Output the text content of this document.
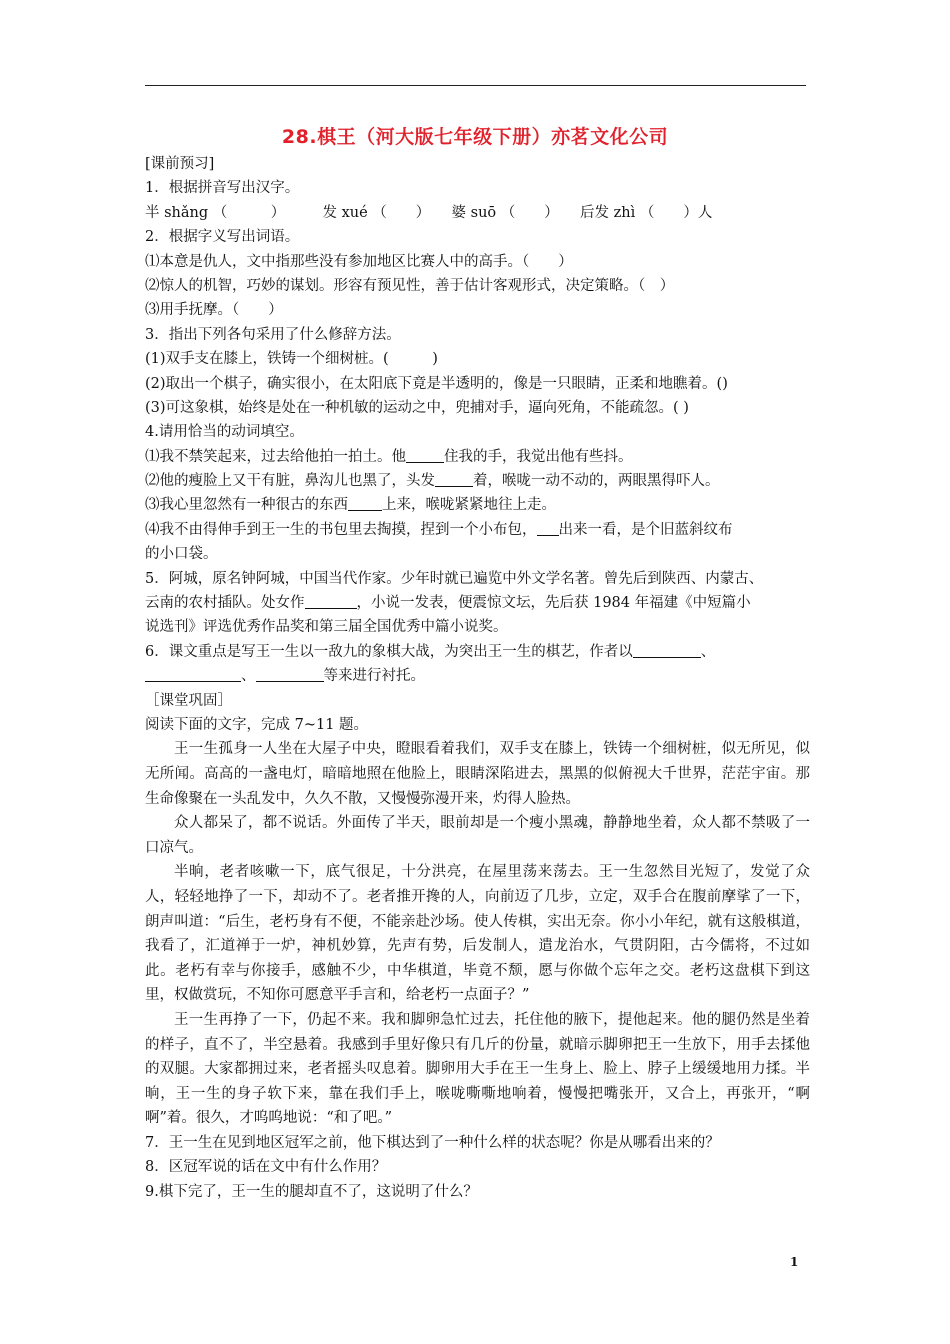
28.棋王（河大版七年级下册）亦茗文化公司
[课前预习]
1．根据拼音写出汉字。
半 shǎng （　　　）	发 xué （　　） 婆 suō （　　） 后发 zhì （　　）人
2．根据字义写出词语。
⑴本意是仇人，文中指那些没有参加地区比赛人中的高手。（　　）
⑵惊人的机智，巧妙的谋划。形容有预见性，善于估计客观形式，决定策略。（　）
⑶用手抚摩。（　　）
3．指出下列各句采用了什么修辞方法。
(1)双手支在膝上，铁铸一个细树桩。(　　　)
(2)取出一个棋子，确实很小，在太阳底下竟是半透明的，像是一只眼睛，正柔和地瞧着。()
(3)可这象棋，始终是处在一种机敏的运动之中，兜捕对手，逼向死角，不能疏忽。( )
4.请用恰当的动词填空。
⑴我不禁笑起来，过去给他拍一拍土。他	住我的手，我觉出他有些抖。
⑵他的瘦脸上又干有脏，鼻沟儿也黑了，头发	着，喉咙一动不动的，两眼黑得吓人。
⑶我心里忽然有一种很古的东西 上来，喉咙紧紧地往上走。
⑷我不由得伸手到王一生的书包里去掏摸，捏到一个小布包， 出来一看，是个旧蓝斜纹布
的小口袋。
5．阿城，原名钟阿城，中国当代作家。少年时就已遍览中外文学名著。曾先后到陕西、内蒙古、
云南的农村插队。处女作	，小说一发表，便震惊文坛，先后获 1984 年福建《中短篇小
说选刊》评选优秀作品奖和第三届全国优秀中篇小说奖。
6．课文重点是写王一生以一敌九的象棋大战，为突出王一生的棋艺，作者以	、
、	等来进行衬托。
［课堂巩固］
阅读下面的文字，完成 7~11 题。
王一生孤身一人坐在大屋子中央，瞪眼看着我们，双手支在膝上，铁铸一个细树桩，似无所见，似无所闻。高高的一盏电灯，暗暗地照在他脸上，眼睛深陷进去，黑黑的似俯视大千世界，茫茫宇宙。那生命像聚在一头乱发中，久久不散，又慢慢弥漫开来，灼得人脸热。
众人都呆了，都不说话。外面传了半天，眼前却是一个瘦小黑魂，静静地坐着，众人都不禁吸了一口凉气。
半晌，老者咳嗽一下，底气很足，十分洪亮，在屋里荡来荡去。王一生忽然目光短了，发觉了众人，轻轻地挣了一下，却动不了。老者推开搀的人，向前迈了几步，立定，双手合在腹前摩挲了一下，朗声叫道：“后生，老朽身有不便，不能亲赴沙场。使人传棋，实出无奈。你小小年纪，就有这般棋道，我看了，汇道禅于一炉，神机妙算，先声有势，后发制人，遣龙治水，气贯阴阳，古今儒将，不过如此。老朽有幸与你接手，感触不少，中华棋道，毕竟不颓，愿与你做个忘年之交。老朽这盘棋下到这里，权做赏玩，不知你可愿意平手言和，给老朽一点面子？”
王一生再挣了一下，仍起不来。我和脚卵急忙过去，托住他的腋下，提他起来。他的腿仍然是坐着的样子，直不了，半空悬着。我感到手里好像只有几斤的份量，就暗示脚卵把王一生放下，用手去揉他的双腿。大家都拥过来，老者摇头叹息着。脚卵用大手在王一生身上、脸上、脖子上缓缓地用力揉。半晌，王一生的身子软下来，靠在我们手上，喉咙嘶嘶地响着，慢慢把嘴张开，又合上，再张开，“啊啊”着。很久，才呜呜地说：“和了吧。”
7．王一生在见到地区冠军之前，他下棋达到了一种什么样的状态呢？你是从哪看出来的？
8．区冠军说的话在文中有什么作用？
9.棋下完了，王一生的腿却直不了，这说明了什么？
1
